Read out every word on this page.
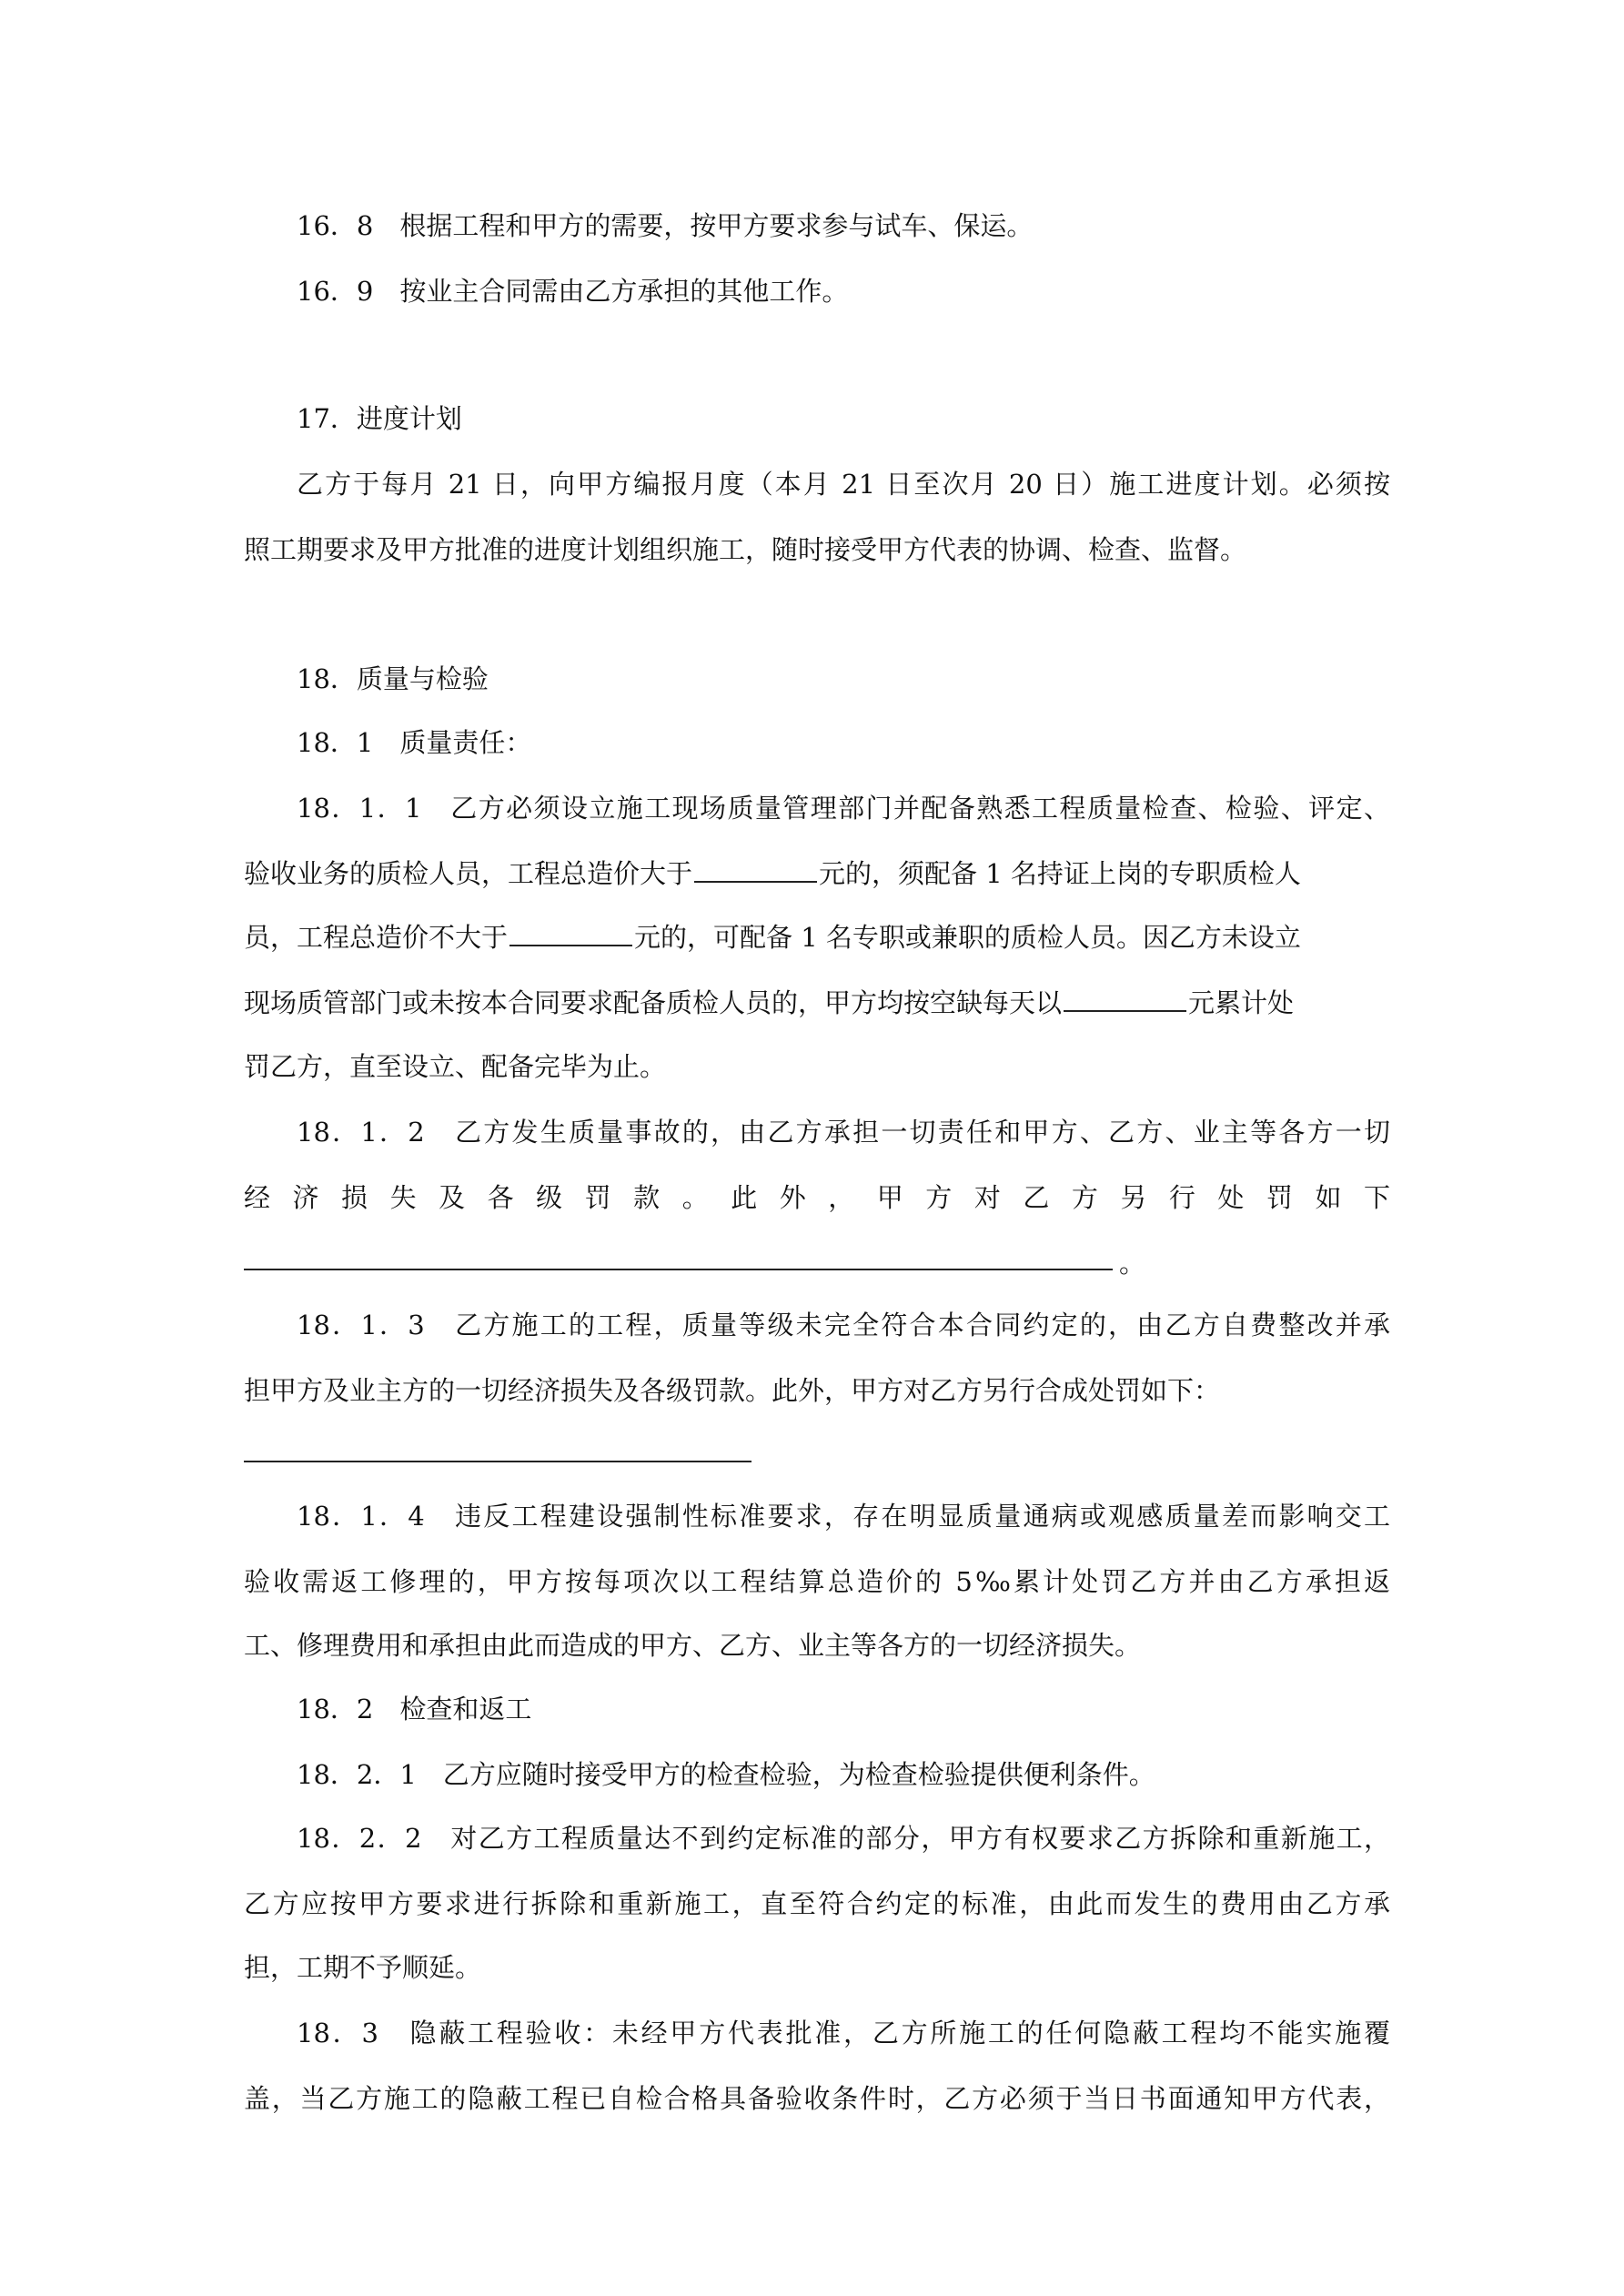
16．8　根据工程和甲方的需要，按甲方要求参与试车、保运。
16．9　按业主合同需由乙方承担的其他工作。
17．进度计划
乙方于每月 21 日，向甲方编报月度（本月 21 日至次月 20 日）施工进度计划。必须按
照工期要求及甲方批准的进度计划组织施工，随时接受甲方代表的协调、检查、监督。
18．质量与检验
18．1　质量责任：
18．1．1　乙方必须设立施工现场质量管理部门并配备熟悉工程质量检查、检验、评定、
验收业务的质检人员，工程总造价大于	元的，须配备 1 名持证上岗的专职质检人
员，工程总造价不大于	元的，可配备 1 名专职或兼职的质检人员。因乙方未设立
现场质管部门或未按本合同要求配备质检人员的，甲方均按空缺每天以	元累计处
罚乙方，直至设立、配备完毕为止。
18．1．2　乙方发生质量事故的，由乙方承担一切责任和甲方、乙方、业主等各方一切
经济损失及各级罚款。此外，甲方对乙方另行处罚如下
。
18．1．3　乙方施工的工程，质量等级未完全符合本合同约定的，由乙方自费整改并承
担甲方及业主方的一切经济损失及各级罚款。此外，甲方对乙方另行合成处罚如下：
18．1．4　违反工程建设强制性标准要求，存在明显质量通病或观感质量差而影响交工
验收需返工修理的，甲方按每项次以工程结算总造价的 5‰累计处罚乙方并由乙方承担返
工、修理费用和承担由此而造成的甲方、乙方、业主等各方的一切经济损失。
18．2　检查和返工
18．2．1　乙方应随时接受甲方的检查检验，为检查检验提供便利条件。
18．2．2　对乙方工程质量达不到约定标准的部分，甲方有权要求乙方拆除和重新施工，
乙方应按甲方要求进行拆除和重新施工，直至符合约定的标准，由此而发生的费用由乙方承
担，工期不予顺延。
18．3　隐蔽工程验收：未经甲方代表批准，乙方所施工的任何隐蔽工程均不能实施覆
盖，当乙方施工的隐蔽工程已自检合格具备验收条件时，乙方必须于当日书面通知甲方代表，
